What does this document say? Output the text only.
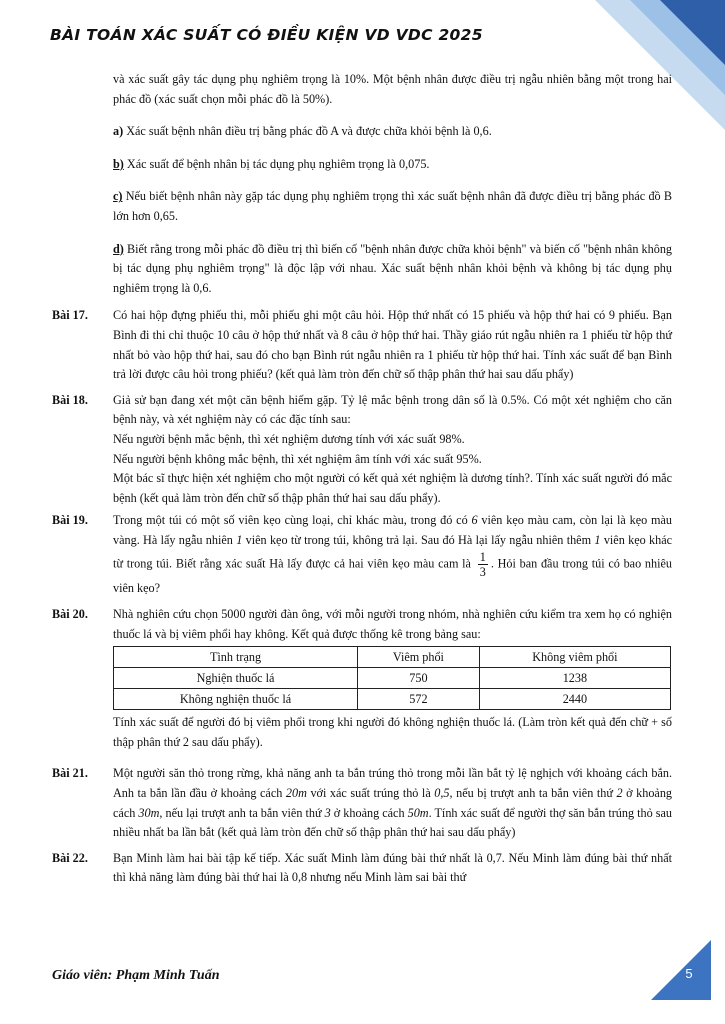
BÀI TOÁN XÁC SUẤT CÓ ĐIỀU KIỆN VD VDC 2025

và xác suất gây tác dụng phụ nghiêm trọng là 10%. Một bệnh nhân được điều trị ngẫu nhiên bằng một trong hai phác đồ (xác suất chọn mỗi phác đồ là 50%).

a) Xác suất bệnh nhân điều trị bằng phác đồ A và được chữa khỏi bệnh là 0,6.

b) Xác suất để bệnh nhân bị tác dụng phụ nghiêm trọng là 0,075.

c) Nếu biết bệnh nhân này gặp tác dụng phụ nghiêm trọng thì xác suất bệnh nhân đã được điều trị bằng phác đồ B lớn hơn 0,65.

d) Biết rằng trong mỗi phác đồ điều trị thì biến cố "bệnh nhân được chữa khỏi bệnh" và biến cố "bệnh nhân không bị tác dụng phụ nghiêm trọng" là độc lập với nhau. Xác suất bệnh nhân khỏi bệnh và không bị tác dụng phụ nghiêm trọng là 0,6.

Bài 17.	Có hai hộp đựng phiếu thi, mỗi phiếu ghi một câu hỏi. Hộp thứ nhất có 15 phiếu và hộp thứ hai có 9 phiếu. Bạn Bình đi thi chỉ thuộc 10 câu ở hộp thứ nhất và 8 câu ở hộp thứ hai. Thầy giáo rút ngẫu nhiên ra 1 phiếu từ hộp thứ nhất bỏ vào hộp thứ hai, sau đó cho bạn Bình rút ngẫu nhiên ra 1 phiếu từ hộp thứ hai. Tính xác suất để bạn Bình trả lời được câu hỏi trong phiếu? (kết quả làm tròn đến chữ số thập phân thứ hai sau dấu phẩy)
Bài 18.	Giả sử bạn đang xét một căn bệnh hiếm gặp. Tỷ lệ mắc bệnh trong dân số là 0.5%. Có một xét nghiệm cho căn bệnh này, và xét nghiệm này có các đặc tính sau:

Nếu người bệnh mắc bệnh, thì xét nghiệm dương tính với xác suất 98%.

Nếu người bệnh không mắc bệnh, thì xét nghiệm âm tính với xác suất 95%.

Một bác sĩ thực hiện xét nghiệm cho một người có kết quả xét nghiệm là dương tính?. Tính xác suất người đó mắc bệnh (kết quả làm tròn đến chữ số thập phân thứ hai sau dấu phẩy).

Bài 19.	Trong một túi có một số viên kẹo cùng loại, chỉ khác màu, trong đó có 6 viên kẹo màu cam, còn lại là kẹo màu vàng. Hà lấy ngẫu nhiên 1 viên kẹo từ trong túi, không trả lại. Sau đó Hà lại lấy ngẫu nhiên thêm 1 viên kẹo khác từ trong túi. Biết rằng xác suất Hà lấy được cả hai viên kẹo màu cam là $\frac{1}{3}$ . Hỏi ban đầu trong túi có bao nhiêu viên kẹo?
Bài 20.	Nhà nghiên cứu chọn 5000 người đàn ông, với mỗi người trong nhóm, nhà nghiên cứu kiểm tra xem họ có nghiện thuốc lá và bị viêm phổi hay không. Kết quả được thống kê trong bảng sau:

Tình trạng	Viêm phổi	Không viêm phổi
Nghiện thuốc lá	750	1238
Không nghiện thuốc lá	572	2440

Tính xác suất để người đó bị viêm phổi trong khi người đó không nghiện thuốc lá. (Làm tròn kết quả đến chữ + số thập phân thứ 2 sau dấu phẩy).

Bài 21.	Một người săn thỏ trong rừng, khả năng anh ta bắn trúng thỏ trong mỗi lần bắt tỷ lệ nghịch với khoảng cách bắn. Anh ta bắn lần đầu ở khoảng cách 20m với xác suất trúng thỏ là 0,5, nếu bị trượt anh ta bắn viên thứ 2 ở khoảng cách 30m, nếu lại trượt anh ta bắn viên thứ 3 ở khoảng cách 50m. Tính xác suất để người thợ săn bắn trúng thỏ sau nhiều nhất ba lần bắt (kết quả làm tròn đến chữ số thập phân thứ hai sau dấu phẩy)
Bài 22.	Bạn Minh làm hai bài tập kế tiếp. Xác suất Minh làm đúng bài thứ nhất là 0,7. Nếu Minh làm đúng bài thứ nhất thì khả năng làm đúng bài thứ hai là 0,8 nhưng nếu Minh làm sai bài thứ
Giáo viên: Phạm Minh Tuấn	5
